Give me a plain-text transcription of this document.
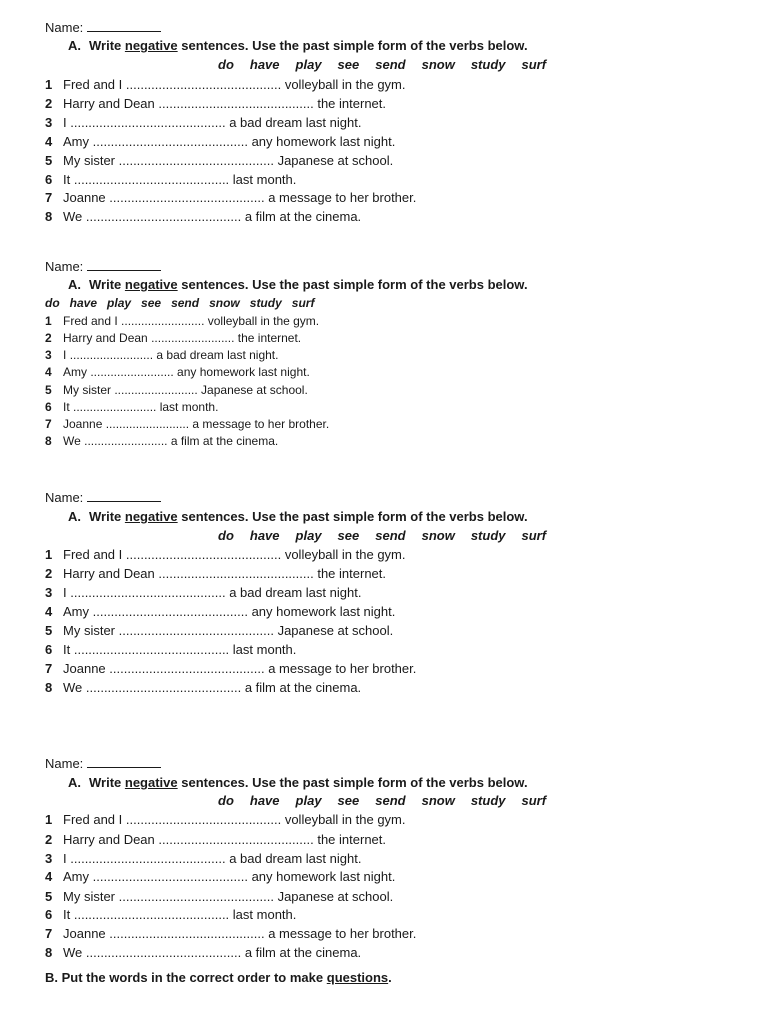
Name:
A. Write negative sentences. Use the past simple form of the verbs below.
do have play see send snow study surf
1 Fred and I ........................................... volleyball in the gym.
2 Harry and Dean ........................................... the internet.
3 I ........................................... a bad dream last night.
4 Amy ........................................... any homework last night.
5 My sister ........................................... Japanese at school.
6 It ........................................... last month.
7 Joanne ........................................... a message to her brother.
8 We ........................................... a film at the cinema.
Name:
A. Write negative sentences. Use the past simple form of the verbs below.
do have play see send snow study surf
1 Fred and I ......................... volleyball in the gym.
2 Harry and Dean ......................... the internet.
3 I ......................... a bad dream last night.
4 Amy ......................... any homework last night.
5 My sister ......................... Japanese at school.
6 It ......................... last month.
7 Joanne ......................... a message to her brother.
8 We ......................... a film at the cinema.
Name:
A. Write negative sentences. Use the past simple form of the verbs below.
do have play see send snow study surf
1 Fred and I ........................................... volleyball in the gym.
2 Harry and Dean ........................................... the internet.
3 I ........................................... a bad dream last night.
4 Amy ........................................... any homework last night.
5 My sister ........................................... Japanese at school.
6 It ........................................... last month.
7 Joanne ........................................... a message to her brother.
8 We ........................................... a film at the cinema.
Name:
A. Write negative sentences. Use the past simple form of the verbs below.
do have play see send snow study surf
1 Fred and I ........................................... volleyball in the gym.
2 Harry and Dean ........................................... the internet.
3 I ........................................... a bad dream last night.
4 Amy ........................................... any homework last night.
5 My sister ........................................... Japanese at school.
6 It ........................................... last month.
7 Joanne ........................................... a message to her brother.
8 We ........................................... a film at the cinema.
B. Put the words in the correct order to make questions.
